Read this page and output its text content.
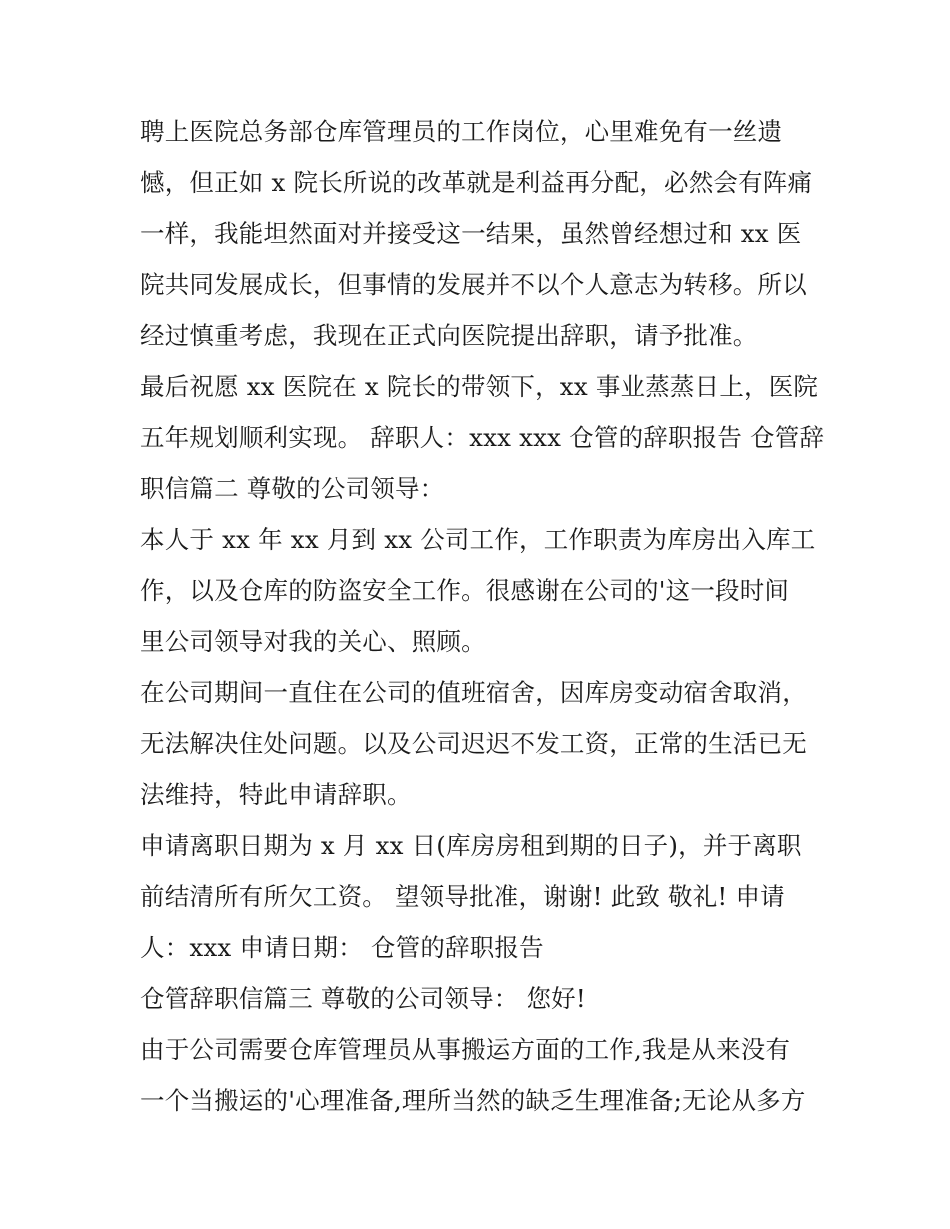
聘上医院总务部仓库管理员的工作岗位，心里难免有一丝遗
憾，但正如 x 院长所说的改革就是利益再分配，必然会有阵痛
一样，我能坦然面对并接受这一结果，虽然曾经想过和 xx 医
院共同发展成长，但事情的发展并不以个人意志为转移。所以
经过慎重考虑，我现在正式向医院提出辞职，请予批准。
最后祝愿 xx 医院在 x 院长的带领下，xx 事业蒸蒸日上，医院
五年规划顺利实现。 辞职人：xxx xxx 仓管的辞职报告 仓管辞
职信篇二 尊敬的公司领导：
本人于 xx 年 xx 月到 xx 公司工作，工作职责为库房出入库工
作，以及仓库的防盗安全工作。很感谢在公司的'这一段时间
里公司领导对我的关心、照顾。
在公司期间一直住在公司的值班宿舍，因库房变动宿舍取消，
无法解决住处问题。以及公司迟迟不发工资，正常的生活已无
法维持，特此申请辞职。
申请离职日期为 x 月 xx 日(库房房租到期的日子)，并于离职
前结清所有所欠工资。 望领导批准，谢谢! 此致 敬礼! 申请
人：xxx 申请日期： 仓管的辞职报告
仓管辞职信篇三 尊敬的公司领导： 您好!
由于公司需要仓库管理员从事搬运方面的工作,我是从来没有
一个当搬运的'心理准备,理所当然的缺乏生理准备;无论从多方
